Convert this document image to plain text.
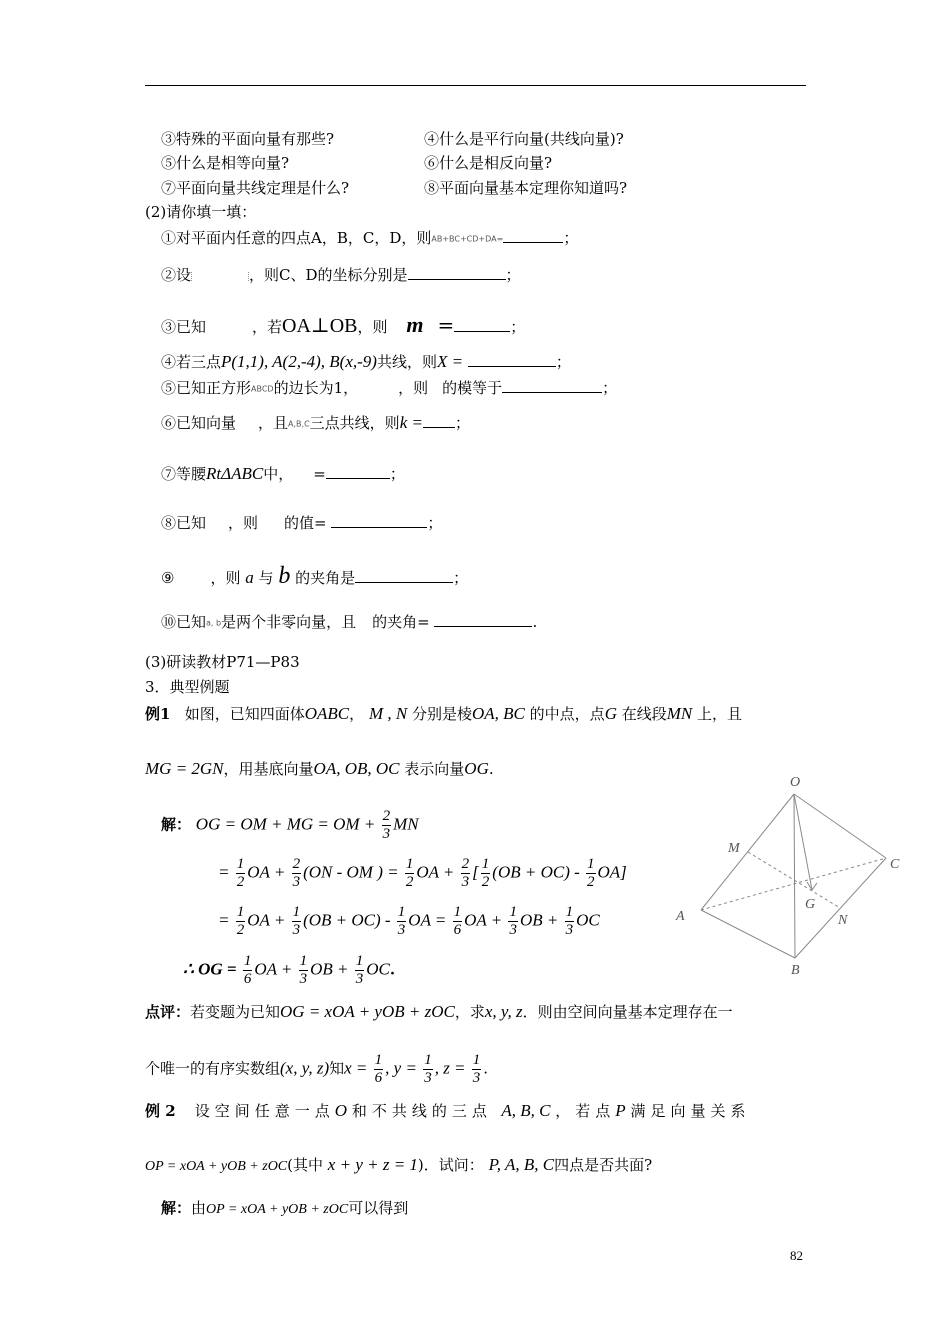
③特殊的平面向量有那些?	④什么是平行向量(共线向量)?
⑤什么是相等向量?	⑥什么是相反向量?
⑦平面向量共线定理是什么?	⑧平面向量基本定理你知道吗?
(2)请你填一填：
①对平面内任意的四点A，B，C，D，则AB+BC+CD+DA=	；
②设	，则C、D的坐标分别是	；
③已知	，若OA⊥OB，则 m =	；
④若三点P(1,1), A(2,-4), B(x,-9)共线，则X =	；
⑤已知正方形ABCD的边长为1，	，则 的模等于	；
⑥已知向量 ，且A,B,C三点共线，则k = ；
⑦等腰RtΔABC中， =	；
⑧已知 ，则 的值=	；
⑨ ，则 a 与 b 的夹角是	；
⑩已知a, b是两个非零向量，且 的夹角=	.
(3)研读教材P71—P83
3．典型例题
例1 如图，已知四面体OABC， M , N 分别是棱OA, BC 的中点，点G 在线段MN 上，且
MG = 2GN，用基底向量OA, OB, OC 表示向量OG.
解： OG = OM + MG = OM + $\frac{2}{3}$ MN
= $\frac{1}{2}$ OA + $\frac{2}{3} (ON$ - OM ) = $\frac{1}{2}$ OA + $\frac{2}{3}$ [ $\frac{1}{2} (OB + OC) - \frac{1}{2} OA$]
= $\frac{1}{2}$ OA + $\frac{1}{3} (OB + OC) - \frac{1}{3}$ OA = $\frac{1}{6}$ OA + $\frac{1}{3}$ OB + $\frac{1}{3}$ OC
∴ OG = $\frac{1}{6}$ OA + $\frac{1}{3}$ OB + $\frac{1}{3}$ OC.
O
M
C
G
A	N
B
点评：若变题为已知OG = xOA + yOB + zOC，求x, y, z．则由空间向量基本定理存在一
个唯一的有序实数组(x, y, z)知$x = \frac{1}{6}$ , $y = \frac{1}{3}$ , $z = \frac{1}{3}$ .
例 2 设空间任意一点O 和不共线的三点 A, B, C ，若点P 满足向量关系
OP = xOA + yOB + zOC(其中 x + y + z = 1)．试问： P, A, B, C四点是否共面?
解：由OP = xOA + yOB + zOC可以得到
82
